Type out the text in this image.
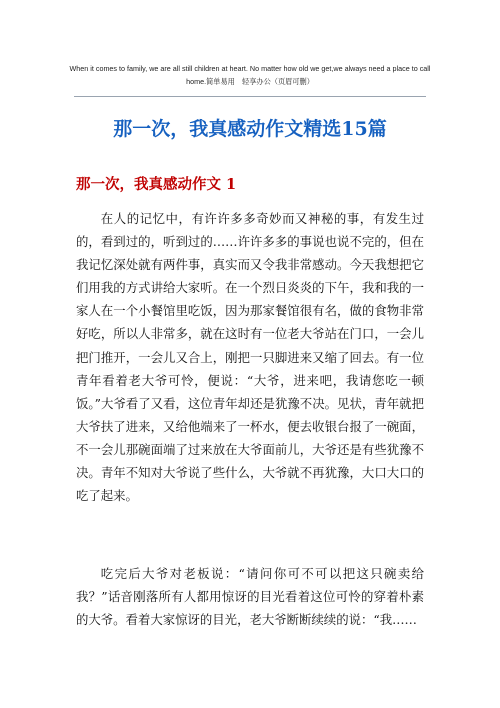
When it comes to family, we are all still children at heart. No matter how old we get,we always need a place to call home.简单易用　轻享办公（页眉可删）
那一次，我真感动作文精选15篇
那一次，我真感动作文 1

在人的记忆中，有许许多多奇妙而又神秘的事，有发生过的，看到过的，听到过的……许许多多的事说也说不完的，但在我记忆深处就有两件事，真实而又令我非常感动。今天我想把它们用我的方式讲给大家听。在一个烈日炎炎的下午，我和我的一家人在一个小餐馆里吃饭，因为那家餐馆很有名，做的食物非常好吃，所以人非常多，就在这时有一位老大爷站在门口，一会儿把门推开，一会儿又合上，刚把一只脚进来又缩了回去。有一位青年看着老大爷可怜，便说：“大爷，进来吧，我请您吃一顿饭。”大爷看了又看，这位青年却还是犹豫不决。见状，青年就把大爷扶了进来，又给他端来了一杯水，便去收银台报了一碗面，不一会儿那碗面端了过来放在大爷面前儿，大爷还是有些犹豫不决。青年不知对大爷说了些什么，大爷就不再犹豫，大口大口的吃了起来。

吃完后大爷对老板说：“请问你可不可以把这只碗卖给我？”话音刚落所有人都用惊讶的目光看着这位可怜的穿着朴素的大爷。看着大家惊讶的目光，老大爷断断续续的说：“我……
